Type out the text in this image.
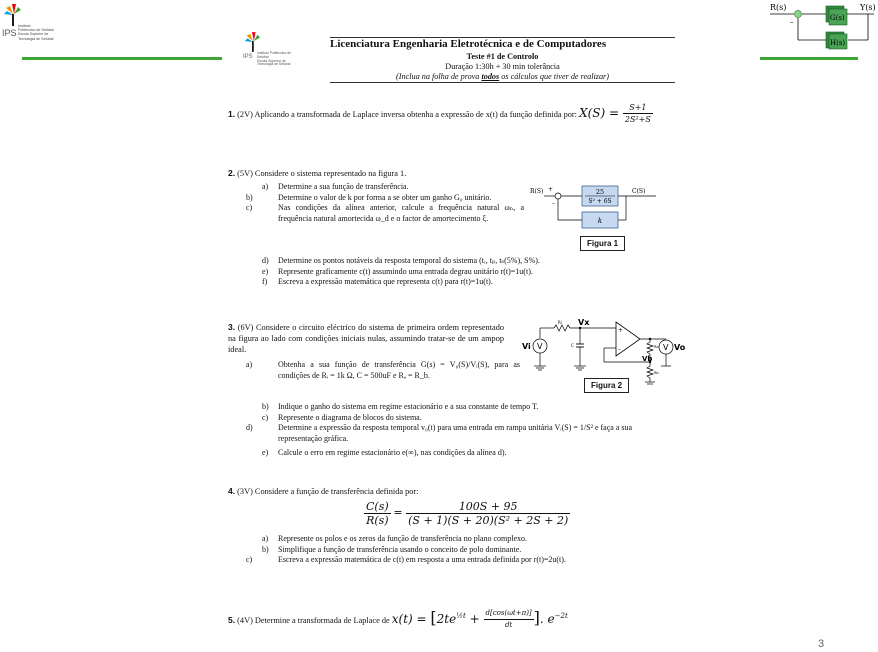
IPS
Instituto
Politécnico de Setúbal
Escola Superior de
Tecnologia de Setúbal
R(s)	Y(s)
G(s)
H(s)
–
IPS
Instituto Politécnico de Setúbal
Escola Superior de
Tecnologia de Setúbal
Licenciatura Engenharia Eletrotécnica e de Computadores
Teste #1 de Controlo
Duração 1:30h + 30 min tolerância
(Inclua na folha de prova todos os cálculos que tiver de realizar)
1. (2V) Aplicando a transformada de Laplace inversa obtenha a expressão de x(t) da função definida por: $X(S) = \frac{S+1}{\text{2S²+S}}$
2. (5V) Considere o sistema representado na figura 1.
a) Determine a sua função de transferência.
b)	Determine o valor de k por forma a se obter um ganho G₀ unitário.
c)	Nas condições da alínea anterior, calcule a frequência natural ωₙ, a frequência natural amortecida ω_d e o factor de amortecimento ξ.
d) Determine os pontos notáveis da resposta temporal do sistema (tᵣ, tₚ, tₛ(5%), S%).
e) Represente graficamente c(t) assumindo uma entrada degrau unitário r(t)=1u(t).
f) Escreva a expressão matemática que representa c(t) para r(t)=1u(t).
R(S) +
–
25
S² + 6S
C(S)
k
Figura 1
3. (6V) Considere o circuito eléctrico do sistema de primeira ordem representado na figura ao lado com condições iniciais nulas, assumindo tratar-se de um ampop ideal.
a)	Obtenha a sua função de transferência G(s) = V₀(S)/Vᵢ(S), para as condições de Rᵢ = 1k Ω, C = 500uF e Rₐ = R_b.
b) Indique o ganho do sistema em regime estacionário e a sua constante de tempo T.
c) Represente o diagrama de blocos do sistema.
d)	Determine a expressão da resposta temporal v₀(t) para uma entrada em rampa unitária Vᵢ(S) = 1/S² e faça a sua representação gráfica.
e) Calcule o erro em regime estacionário e(∞), nas condições da alínea d).
Ri Vx
C
V
Vi
+
–	Ra
Rb
Vb
V Vo
Figura 2
4. (3V) Considere a função de transferência definida por:
$\frac{C(s)}{R(s)} = \frac{100S + 95}{\text{(S + 1)(S + 20)(S² + 2S + 2)}}$
a) Represente os polos e os zeros da função de transferência no plano complexo.
b) Simplifique a função de transferência usando o conceito de polo dominante.
c)	Escreva a expressão matemática de c(t) em resposta a uma entrada definida por r(t)=2u(t).
5. (4V) Determine a transformada de Laplace de $x(t) = [2te^{\frac{1}{2}t} + \frac{d[\cos(\omega t+\pi)]}{dt}$ ]. $e^{-2t}$
3
